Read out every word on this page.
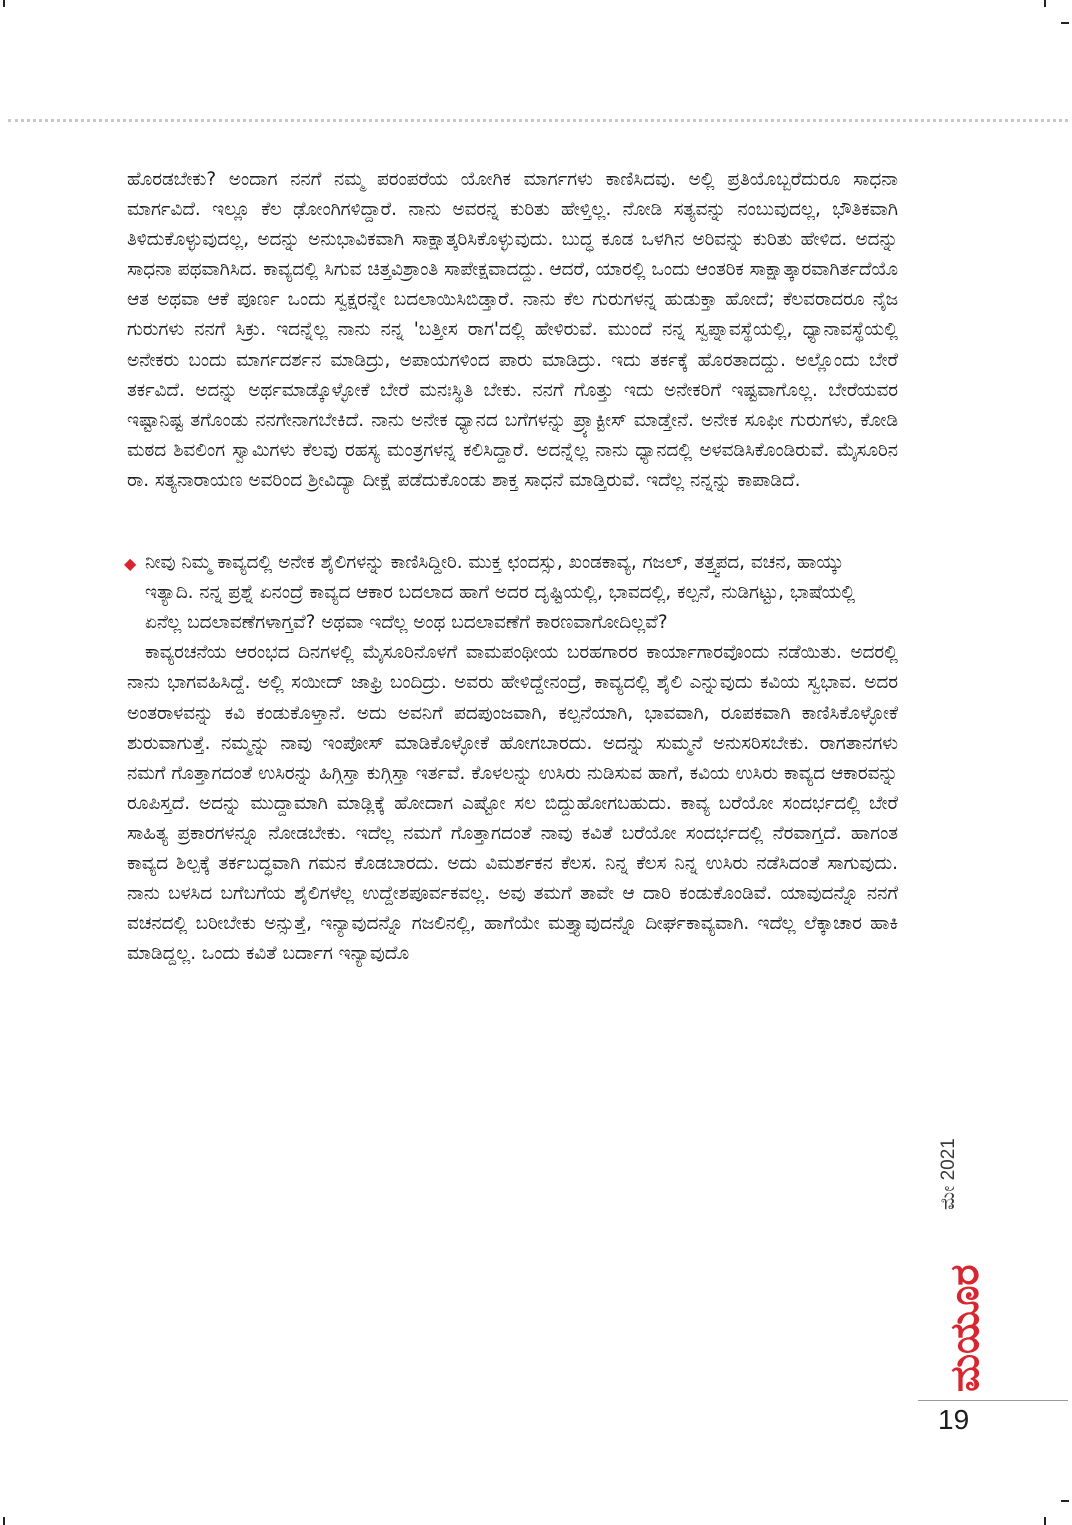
ಹೊರಡಬೇಕು? ಅಂದಾಗ ನನಗೆ ನಮ್ಮ ಪರಂಪರೆಯ ಯೋಗಿಕ ಮಾರ್ಗಗಳು ಕಾಣಿಸಿದವು. ಅಲ್ಲಿ ಪ್ರತಿಯೊಬ್ಬರೆದುರೂ ಸಾಧನಾ ಮಾರ್ಗವಿದೆ. ಇಲ್ಲೂ ಕೆಲ ಢೋಂಗಿಗಳಿದ್ದಾರೆ. ನಾನು ಅವರನ್ನ ಕುರಿತು ಹೇಳ್ತಿಲ್ಲ. ನೋಡಿ ಸತ್ಯವನ್ನು ನಂಬುವುದಲ್ಲ, ಭೌತಿಕವಾಗಿ ತಿಳಿದುಕೊಳ್ಳುವುದಲ್ಲ, ಅದನ್ನು ಅನುಭಾವಿಕವಾಗಿ ಸಾಕ್ಷಾತ್ಕರಿಸಿಕೊಳ್ಳುವುದು. ಬುದ್ಧ ಕೂಡ ಒಳಗಿನ ಅರಿವನ್ನು ಕುರಿತು ಹೇಳಿದ. ಅದನ್ನು ಸಾಧನಾ ಪಥವಾಗಿಸಿದ. ಕಾವ್ಯದಲ್ಲಿ ಸಿಗುವ ಚಿತ್ತವಿಶ್ರಾಂತಿ ಸಾಪೇಕ್ಷವಾದದ್ದು. ಆದರೆ, ಯಾರಲ್ಲಿ ಒಂದು ಆಂತರಿಕ ಸಾಕ್ಷಾತ್ಕಾರವಾಗಿರ್ತದೆಯೊ ಆತ ಅಥವಾ ಆಕೆ ಪೂರ್ಣ ಒಂದು ಸ್ವಕ್ಷರನ್ನೇ ಬದಲಾಯಿಸಿಬಿಡ್ತಾರೆ. ನಾನು ಕೆಲ ಗುರುಗಳನ್ನ ಹುಡುಕ್ತಾ ಹೋದೆ; ಕೆಲವರಾದರೂ ನೈಜ ಗುರುಗಳು ನನಗೆ ಸಿಕ್ರು. ಇದನ್ನೆಲ್ಲ ನಾನು ನನ್ನ 'ಬತ್ತೀಸ ರಾಗ'ದಲ್ಲಿ ಹೇಳಿರುವೆ. ಮುಂದೆ ನನ್ನ ಸ್ವಪ್ನಾವಸ್ಥೆಯಲ್ಲಿ, ಧ್ಯಾನಾವಸ್ಥೆಯಲ್ಲಿ ಅನೇಕರು ಬಂದು ಮಾರ್ಗದರ್ಶನ ಮಾಡಿದ್ರು, ಅಪಾಯಗಳಿಂದ ಪಾರು ಮಾಡಿದ್ರು. ಇದು ತರ್ಕಕ್ಕೆ ಹೊರತಾದದ್ದು. ಅಲ್ಲೊಂದು ಬೇರೆ ತರ್ಕವಿದೆ. ಅದನ್ನು ಅರ್ಥಮಾಡ್ಕೊಳ್ಳೋಕೆ ಬೇರೆ ಮನಃಸ್ಥಿತಿ ಬೇಕು. ನನಗೆ ಗೊತ್ತು ಇದು ಅನೇಕರಿಗೆ ಇಷ್ಟವಾಗೊಲ್ಲ. ಬೇರೆಯವರ ಇಷ್ಟಾನಿಷ್ಟ ತಗೊಂಡು ನನಗೇನಾಗಬೇಕಿದೆ. ನಾನು ಅನೇಕ ಧ್ಯಾನದ ಬಗೆಗಳನ್ನು ಪ್ರ್ಯಾಕ್ಟೀಸ್ ಮಾಡ್ತೇನೆ. ಅನೇಕ ಸೂಫೀ ಗುರುಗಳು, ಕೋಡಿ ಮಠದ ಶಿವಲಿಂಗ ಸ್ವಾಮಿಗಳು ಕೆಲವು ರಹಸ್ಯ ಮಂತ್ರಗಳನ್ನ ಕಲಿಸಿದ್ದಾರೆ. ಅದನ್ನೆಲ್ಲ ನಾನು ಧ್ಯಾನದಲ್ಲಿ ಅಳವಡಿಸಿಕೊಂಡಿರುವೆ. ಮೈಸೂರಿನ ರಾ. ಸತ್ಯನಾರಾಯಣ ಅವರಿಂದ ಶ್ರೀವಿದ್ಯಾ ದೀಕ್ಷೆ ಪಡೆದುಕೊಂಡು ಶಾಕ್ತ ಸಾಧನೆ ಮಾಡ್ತಿರುವೆ. ಇದೆಲ್ಲ ನನ್ನನ್ನು ಕಾಪಾಡಿದೆ.

◆ ನೀವು ನಿಮ್ಮ ಕಾವ್ಯದಲ್ಲಿ ಅನೇಕ ಶೈಲಿಗಳನ್ನು ಕಾಣಿಸಿದ್ದೀರಿ. ಮುಕ್ತ ಛಂದಸ್ಸು, ಖಂಡಕಾವ್ಯ, ಗಜಲ್, ತತ್ತ್ವಪದ, ವಚನ, ಹಾಯ್ಕು ಇತ್ಯಾದಿ. ನನ್ನ ಪ್ರಶ್ನೆ ಏನಂದ್ರೆ ಕಾವ್ಯದ ಆಕಾರ ಬದಲಾದ ಹಾಗೆ ಅದರ ದೃಷ್ಟಿಯಲ್ಲಿ, ಭಾವದಲ್ಲಿ, ಕಲ್ಪನೆ, ನುಡಿಗಟ್ಟು, ಭಾಷೆಯಲ್ಲಿ ಏನೆಲ್ಲ ಬದಲಾವಣೆಗಳಾಗ್ತವೆ? ಅಥವಾ ಇದೆಲ್ಲ ಅಂಥ ಬದಲಾವಣೆಗೆ ಕಾರಣವಾಗೋದಿಲ್ಲವೆ?

ಕಾವ್ಯರಚನೆಯ ಆರಂಭದ ದಿನಗಳಲ್ಲಿ ಮೈಸೂರಿನೊಳಗೆ ವಾಮಪಂಥೀಯ ಬರಹಗಾರರ ಕಾರ್ಯಾಗಾರವೊಂದು ನಡೆಯಿತು. ಅದರಲ್ಲಿ ನಾನು ಭಾಗವಹಿಸಿದ್ದೆ. ಅಲ್ಲಿ ಸಯೀದ್ ಜಾಫ್ರಿ ಬಂದಿದ್ರು. ಅವರು ಹೇಳಿದ್ದೇನಂದ್ರೆ, ಕಾವ್ಯದಲ್ಲಿ ಶೈಲಿ ಎನ್ನುವುದು ಕವಿಯ ಸ್ವಭಾವ. ಅದರ ಅಂತರಾಳವನ್ನು ಕವಿ ಕಂಡುಕೊಳ್ತಾನೆ. ಅದು ಅವನಿಗೆ ಪದಪುಂಜವಾಗಿ, ಕಲ್ಪನೆಯಾಗಿ, ಭಾವವಾಗಿ, ರೂಪಕವಾಗಿ ಕಾಣಿಸಿಕೊಳ್ಳೋಕೆ ಶುರುವಾಗುತ್ತೆ. ನಮ್ಮನ್ನು ನಾವು ಇಂಪೋಸ್ ಮಾಡಿಕೊಳ್ಳೋಕೆ ಹೋಗಬಾರದು. ಅದನ್ನು ಸುಮ್ಮನೆ ಅನುಸರಿಸಬೇಕು. ರಾಗತಾನಗಳು ನಮಗೆ ಗೊತ್ತಾಗದಂತೆ ಉಸಿರನ್ನು ಹಿಗ್ಗಿಸ್ತಾ ಕುಗ್ಗಿಸ್ತಾ ಇರ್ತವೆ. ಕೊಳಲನ್ನು ಉಸಿರು ನುಡಿಸುವ ಹಾಗೆ, ಕವಿಯ ಉಸಿರು ಕಾವ್ಯದ ಆಕಾರವನ್ನು ರೂಪಿಸ್ತದೆ. ಅದನ್ನು ಮುದ್ದಾಮಾಗಿ ಮಾಡ್ಲಿಕ್ಕೆ ಹೋದಾಗ ಎಷ್ಟೋ ಸಲ ಬಿದ್ದುಹೋಗಬಹುದು. ಕಾವ್ಯ ಬರೆಯೋ ಸಂದರ್ಭದಲ್ಲಿ ಬೇರೆ ಸಾಹಿತ್ಯ ಪ್ರಕಾರಗಳನ್ನೂ ನೋಡಬೇಕು. ಇದೆಲ್ಲ ನಮಗೆ ಗೊತ್ತಾಗದಂತೆ ನಾವು ಕವಿತೆ ಬರೆಯೋ ಸಂದರ್ಭದಲ್ಲಿ ನೆರವಾಗ್ತದೆ. ಹಾಗಂತ ಕಾವ್ಯದ ಶಿಲ್ಪಕ್ಕೆ ತರ್ಕಬದ್ಧವಾಗಿ ಗಮನ ಕೊಡಬಾರದು. ಅದು ವಿಮರ್ಶಕನ ಕೆಲಸ. ನಿನ್ನ ಕೆಲಸ ನಿನ್ನ ಉಸಿರು ನಡೆಸಿದಂತೆ ಸಾಗುವುದು. ನಾನು ಬಳಸಿದ ಬಗೆಬಗೆಯ ಶೈಲಿಗಳೆಲ್ಲ ಉದ್ದೇಶಪೂರ್ವಕವಲ್ಲ. ಅವು ತಮಗೆ ತಾವೇ ಆ ದಾರಿ ಕಂಡುಕೊಂಡಿವೆ. ಯಾವುದನ್ನೊ ನನಗೆ ವಚನದಲ್ಲಿ ಬರೀಬೇಕು ಅನ್ಸುತ್ತೆ, ಇನ್ಯಾವುದನ್ನೊ ಗಜಲಿನಲ್ಲಿ, ಹಾಗೆಯೇ ಮತ್ತ್ಯಾವುದನ್ನೊ ದೀರ್ಘಕಾವ್ಯವಾಗಿ. ಇದೆಲ್ಲ ಲೆಕ್ಕಾಚಾರ ಹಾಕಿ ಮಾಡಿದ್ದಲ್ಲ. ಒಂದು ಕವಿತೆ ಬರ್ದಾಗ ಇನ್ಯಾವುದೊ

ಮೇ 2021
ಮಯೂರ
19
